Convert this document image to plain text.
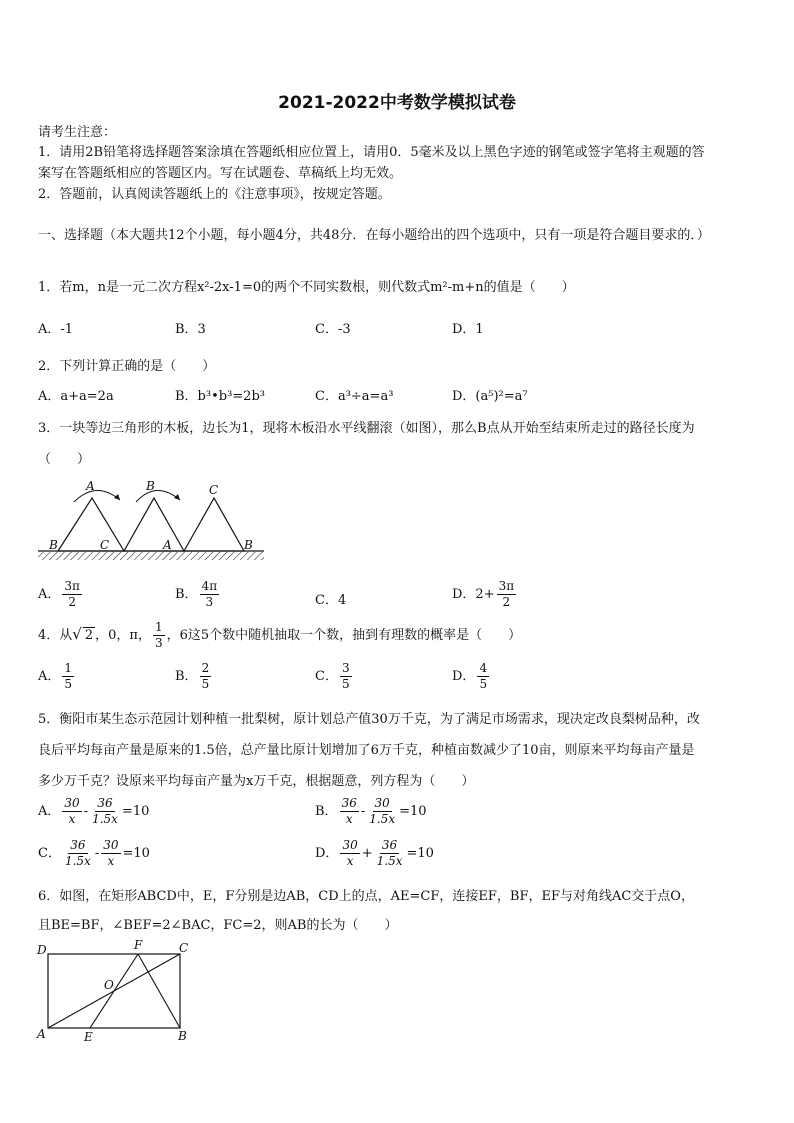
2021-2022中考数学模拟试卷
请考生注意：
1．请用2B铅笔将选择题答案涂填在答题纸相应位置上，请用0．5毫米及以上黑色字迹的钢笔或签字笔将主观题的答
案写在答题纸相应的答题区内。写在试题卷、草稿纸上均无效。
2．答题前，认真阅读答题纸上的《注意事项》，按规定答题。
一、选择题（本大题共12个小题，每小题4分，共48分．在每小题给出的四个选项中，只有一项是符合题目要求的．）
1．若m，n是一元二次方程x²-2x-1=0的两个不同实数根，则代数式m²-m+n的值是（　　）
A．-1	B．3	C．-3	D．1
2．下列计算正确的是（　　）
A．a+a=2a	B．b³•b³=2b³	C．a³÷a=a³	D．(a⁵)²=a⁷
3．一块等边三角形的木板，边长为1，现将木板沿水平线翻滚（如图），那么B点从开始至结束所走过的路径长度为
（　　）
A	B	C
B	C	A	B
A． $\frac{3\pi}{2}$	B． $\frac{4\pi}{3}$	C．4	D．$2+ \frac{3\pi}{2}$
4．从√ 2 ，0，π， $\frac{1}{3}$ ，6这5个数中随机抽取一个数，抽到有理数的概率是（　　）
A． $\frac{1}{5}$	B． $\frac{2}{5}$	C． $\frac{3}{5}$	D． $\frac{4}{5}$
5．衡阳市某生态示范园计划种植一批梨树，原计划总产值30万千克，为了满足市场需求，现决定改良梨树品种，改
良后平均每亩产量是原来的1.5倍，总产量比原计划增加了6万千克，种植亩数减少了10亩，则原来平均每亩产量是
多少万千克？设原来平均每亩产量为x万千克，根据题意，列方程为（　　）
A． $\frac{30}{x} - \frac{36}{1.5x} =10$	B． $\frac{36}{x} - \frac{30}{1.5x} =10$
C． $\frac{36}{1.5x} - \frac{30}{x} =10$	D． $\frac{30}{x} + \frac{36}{1.5x} =10$
6．如图，在矩形ABCD中，E，F分别是边AB，CD上的点，AE=CF，连接EF，BF，EF与对角线AC交于点O，
且BE=BF，∠BEF=2∠BAC，FC=2，则AB的长为（　　）
D	F	C
O
A	E	B
